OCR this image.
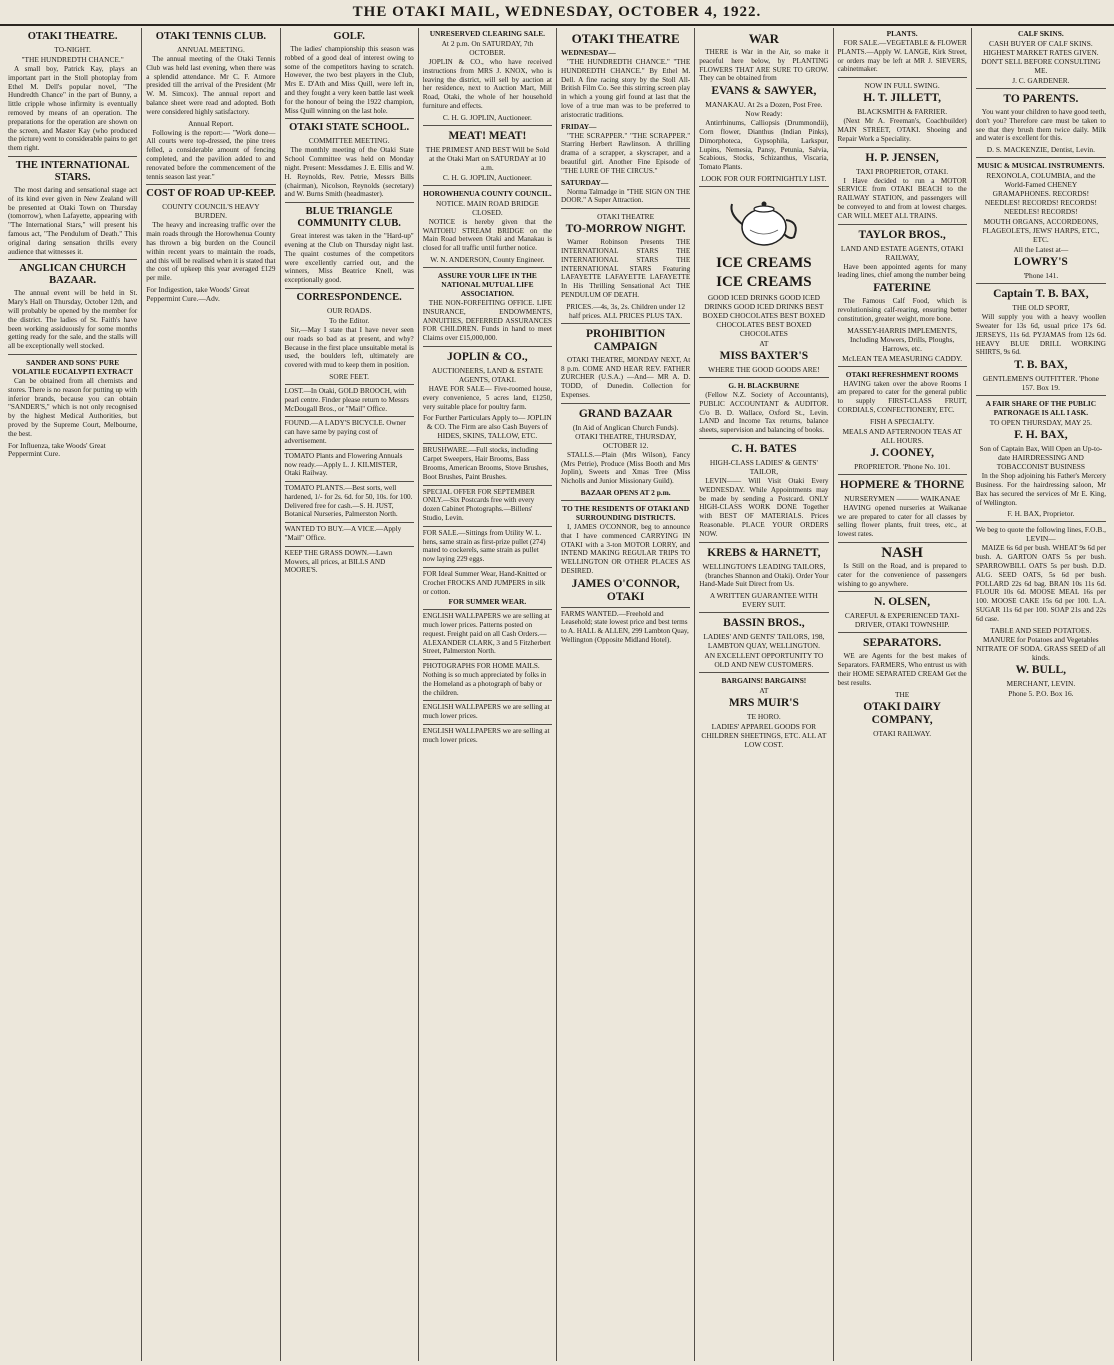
THE OTAKI MAIL, WEDNESDAY, OCTOBER 4, 1922.
OTAKI THEATRE.
TO-NIGHT.
"THE HUNDREDTH CHANCE."

A small boy, Patrick Kay, plays an important part in the Stoll photoplay from Ethel M. Dell's popular novel, "The Hundredth Chance" in the part of Bunny, a little cripple whose infirmity is eventually removed by means of an operation. The preparations for the operation are shown on the screen, and Master Kay (who produced the picture) went to considerable pains to get them right.

THE INTERNATIONAL STARS.

The most daring and sensational stage act of its kind ever given in New Zealand will be presented at Otaki Town on Thursday (tomorrow), when Lafayette, appearing with "The International Stars," will present his famous act, "The Pendulum of Death." This original daring sensation thrills every audience that witnesses it.

ANGLICAN CHURCH BAZAAR.

The annual event will be held in St. Mary's Hall on Thursday, October 12th, and will probably be opened by the member for the district. The ladies of St. Faith's have been working assiduously for some months getting ready for the sale, and the stalls will all be exceptionally well stocked.

SANDER AND SONS' PURE VOLATILE EUCALYPTI EXTRACT

Can be obtained from all chemists and stores. There is no reason for putting up with inferior brands, because you can obtain "SANDER'S," which is not only recognised by the highest Medical Authorities, but proved by the Supreme Court, Melbourne, the best.

For Influenza, take Woods' Great Peppermint Cure.
OTAKI TENNIS CLUB.
ANNUAL MEETING.

The annual meeting of the Otaki Tennis Club was held last evening, when there was a splendid attendance. Mr C. F. Atmore presided till the arrival of the President (Mr W. M. Simcox). The annual report and balance sheet were read and adopted. Both were considered highly satisfactory.

Annual Report.

Following is the report:— "Work done—All courts were top-dressed, the pine trees felled, a considerable amount of fencing completed, and the pavilion added to and renovated before the commencement of the tennis season last year."

COST OF ROAD UP-KEEP.
COUNTY COUNCIL'S HEAVY BURDEN.

The heavy and increasing traffic over the main roads through the Horowhenua County has thrown a big burden on the Council within recent years to maintain the roads, and this will be realised when it is stated that the cost of upkeep this year averaged £129 per mile.

For Indigestion, take Woods' Great Peppermint Cure.—Adv.
GOLF.

The ladies' championship this season was robbed of a good deal of interest owing to some of the competitors having to scratch. However, the two best players in the Club, Mrs E. D'Ath and Miss Quill, were left in, and they fought a very keen battle last week for the honour of being the 1922 champion, Miss Quill winning on the last hole.

OTAKI STATE SCHOOL.
COMMITTEE MEETING.

The monthly meeting of the Otaki State School Committee was held on Monday night. Present: Messdames J. E. Ellis and W. H. Reynolds, Rev. Petrie, Messrs Bills (chairman), Nicolson, Reynolds (secretary) and W. Burns Smith (headmaster).

BLUE TRIANGLE COMMUNITY CLUB.

Great interest was taken in the "Hard-up" evening at the Club on Thursday night last. The quaint costumes of the competitors were excellently carried out, and the winners, Miss Beatrice Knell, was exceptionally good.

CORRESPONDENCE.
OUR ROADS.
To the Editor.

Sir,—May I state that I have never seen our roads so bad as at present, and why? Because in the first place unsuitable metal is used, the boulders left, ultimately are covered with mud to keep them in position.

SORE FEET.
LOST.—In Otaki, GOLD BROOCH, with pearl centre. Finder please return to Messrs McDougall Bros., or "Mail" Office.
FOUND.—A LADY'S BICYCLE. Owner can have same by paying cost of advertisement.
TOMATO Plants and Flowering Annuals now ready.—Apply L. J. KILMISTER, Otaki Railway.
TOMATO PLANTS.—Best sorts, well hardened, 1/- for 2s. 6d. for 50, 10s. for 100. Delivered free for cash.—S. H. JUST, Botanical Nurseries, Palmerston North.
WANTED TO BUY.—A VICE.—Apply "Mail" Office.
KEEP THE GRASS DOWN.—Lawn Mowers, all prices, at BILLS AND MOORE'S.
UNRESERVED CLEARING SALE.
At 2 p.m. On SATURDAY, 7th OCTOBER.

JOPLIN & CO., who have received instructions from MRS J. KNOX, who is leaving the district, will sell by auction at her residence, next to Auction Mart, Mill Road, Otaki, the whole of her household furniture and effects.

C. H. G. JOPLIN, Auctioneer.
MEAT! MEAT!
THE PRIMEST AND BEST Will be Sold at the Otaki Mart on SATURDAY at 10 a.m.
C. H. G. JOPLIN, Auctioneer.
HOROWHENUA COUNTY COUNCIL.
NOTICE. MAIN ROAD BRIDGE CLOSED.

NOTICE is hereby given that the WAITOHU STREAM BRIDGE on the Main Road between Otaki and Manakau is closed for all traffic until further notice.

W. N. ANDERSON, County Engineer.
ASSURE YOUR LIFE IN THE NATIONAL MUTUAL LIFE ASSOCIATION.

THE NON-FORFEITING OFFICE. LIFE INSURANCE, ENDOWMENTS, ANNUITIES, DEFERRED ASSURANCES FOR CHILDREN. Funds in hand to meet Claims over £15,000,000.

JOPLIN & CO.,
AUCTIONEERS, LAND & ESTATE AGENTS, OTAKI.

HAVE FOR SALE— Five-roomed house, every convenience, 5 acres land, £1250, very suitable place for poultry farm.

For Further Particulars Apply to— JOPLIN & CO. The Firm are also Cash Buyers of HIDES, SKINS, TALLOW, ETC.
BRUSHWARE.—Full stocks, including Carpet Sweepers, Hair Brooms, Bass Brooms, American Brooms, Stove Brushes, Boot Brushes, Paint Brushes.
SPECIAL OFFER FOR SEPTEMBER ONLY.—Six Postcards free with every dozen Cabinet Photographs.—Billens' Studio, Levin.
FOR SALE.—Sittings from Utility W. L. hens, same strain as first-prize pullet (274) mated to cockerels, same strain as pullet now laying 229 eggs.
FOR Ideal Summer Wear, Hand-Knitted or Crochet FROCKS AND JUMPERS in silk or cotton.
FOR SUMMER WEAR.
ENGLISH WALLPAPERS we are selling at much lower prices. Patterns posted on request. Freight paid on all Cash Orders.—ALEXANDER CLARK, 3 and 5 Fitzherbert Street, Palmerston North.
PHOTOGRAPHS FOR HOME MAILS. Nothing is so much appreciated by folks in the Homeland as a photograph of baby or the children.
ENGLISH WALLPAPERS we are selling at much lower prices.
ENGLISH WALLPAPERS we are selling at much lower prices.
OTAKI THEATRE
WEDNESDAY—

"THE HUNDREDTH CHANCE." "THE HUNDREDTH CHANCE." By Ethel M. Dell. A fine racing story by the Stoll All-British Film Co. See this stirring screen play in which a young girl found at last that the love of a true man was to be preferred to aristocratic traditions.

FRIDAY—

"THE SCRAPPER." "THE SCRAPPER." Starring Herbert Rawlinson. A thrilling drama of a scrapper, a skyscraper, and a beautiful girl. Another Fine Episode of "THE LURE OF THE CIRCUS."

SATURDAY—

Norma Talmadge in "THE SIGN ON THE DOOR." A Super Attraction.

OTAKI THEATRE
TO-MORROW NIGHT.

Warner Robinson Presents THE INTERNATIONAL STARS THE INTERNATIONAL STARS THE INTERNATIONAL STARS Featuring LAFAYETTE LAFAYETTE LAFAYETTE In His Thrilling Sensational Act THE PENDULUM OF DEATH.

PRICES.—4s, 3s, 2s. Children under 12 half prices. ALL PRICES PLUS TAX.
PROHIBITION CAMPAIGN

OTAKI THEATRE, MONDAY NEXT, At 8 p.m. COME AND HEAR REV. FATHER ZURCHER (U.S.A.) —And— MR A. D. TODD, of Dunedin. Collection for Expenses.

GRAND BAZAAR
(In Aid of Anglican Church Funds). OTAKI THEATRE, THURSDAY, OCTOBER 12.

STALLS.—Plain (Mrs Wilson), Fancy (Mrs Petrie), Produce (Miss Booth and Mrs Joplin), Sweets and Xmas Tree (Miss Nicholls and Junior Missionary Guild).

BAZAAR OPENS AT 2 p.m.
TO THE RESIDENTS OF OTAKI AND SURROUNDING DISTRICTS.

I, JAMES O'CONNOR, beg to announce that I have commenced CARRYING IN OTAKI with a 3-ton MOTOR LORRY, and INTEND MAKING REGULAR TRIPS TO WELLINGTON OR OTHER PLACES AS DESIRED.

JAMES O'CONNOR, OTAKI
FARMS WANTED.—Freehold and Leasehold; state lowest price and best terms to A. HALL & ALLEN, 299 Lambton Quay, Wellington (Opposite Midland Hotel).
WAR

THERE is War in the Air, so make it peaceful here below, by PLANTING FLOWERS THAT ARE SURE TO GROW. They can be obtained from

EVANS & SAWYER,
MANAKAU. At 2s a Dozen, Post Free. Now Ready:

Antirrhinums, Calliopsis (Drummondii), Corn flower, Dianthus (Indian Pinks), Dimorphoteca, Gypsophila, Larkspur, Lupins, Nemesia, Pansy, Petunia, Salvia, Scabious, Stocks, Schizanthus, Viscaria, Tomato Plants.

LOOK FOR OUR FORTNIGHTLY LIST.
ICE CREAMS
ICE CREAMS
GOOD ICED DRINKS GOOD ICED DRINKS GOOD ICED DRINKS BEST BOXED CHOCOLATES BEST BOXED CHOCOLATES BEST BOXED CHOCOLATES
AT
MISS BAXTER'S
WHERE THE GOOD GOODS ARE!
G. H. BLACKBURNE

(Fellow N.Z. Society of Accountants), PUBLIC ACCOUNTANT & AUDITOR. C/o B. D. Wallace, Oxford St., Levin. LAND and Income Tax returns, balance sheets, supervision and balancing of books.

C. H. BATES
HIGH-CLASS LADIES' & GENTS' TAILOR,

LEVIN—— Will Visit Otaki Every WEDNESDAY. While Appointments may be made by sending a Postcard. ONLY HIGH-CLASS WORK DONE Together with BEST OF MATERIALS. Prices Reasonable. PLACE YOUR ORDERS NOW.

KREBS & HARNETT,
WELLINGTON'S LEADING TAILORS,

(branches Shannon and Otaki). Order Your Hand-Made Suit Direct from Us.

A WRITTEN GUARANTEE WITH EVERY SUIT.
BASSIN BROS.,
LADIES' AND GENTS' TAILORS, 198, LAMBTON QUAY, WELLINGTON.
AN EXCELLENT OPPORTUNITY TO OLD AND NEW CUSTOMERS.
BARGAINS! BARGAINS!
AT
MRS MUIR'S
TE HORO.
LADIES' APPAREL GOODS FOR CHILDREN SHEETINGS, ETC. ALL AT LOW COST.
PLANTS.

FOR SALE.—VEGETABLE & FLOWER PLANTS.—Apply W. LANGE, Kirk Street, or orders may be left at MR J. SIEVERS, cabinetmaker.

NOW IN FULL SWING.
H. T. JILLETT,
BLACKSMITH & FARRIER.

(Next Mr A. Freeman's, Coachbuilder) MAIN STREET, OTAKI. Shoeing and Repair Work a Speciality.

H. P. JENSEN,
TAXI PROPRIETOR, OTAKI.

I Have decided to run a MOTOR SERVICE from OTAKI BEACH to the RAILWAY STATION, and passengers will be conveyed to and from at lowest charges. CAR WILL MEET ALL TRAINS.

TAYLOR BROS.,
LAND AND ESTATE AGENTS, OTAKI RAILWAY,

Have been appointed agents for many leading lines, chief among the number being

FATERINE

The Famous Calf Food, which is revolutionising calf-rearing, ensuring better constitution, greater weight, more bone.

MASSEY-HARRIS IMPLEMENTS, Including Mowers, Drills, Ploughs, Harrows, etc.
McLEAN TEA MEASURING CADDY.
OTAKI REFRESHMENT ROOMS

HAVING taken over the above Rooms I am prepared to cater for the general public to supply FIRST-CLASS FRUIT, CORDIALS, CONFECTIONERY, ETC.

FISH A SPECIALTY.
MEALS AND AFTERNOON TEAS AT ALL HOURS.
J. COONEY,
PROPRIETOR. 'Phone No. 101.
HOPMERE & THORNE
NURSERYMEN ——— WAIKANAE

HAVING opened nurseries at Waikanae we are prepared to cater for all classes by selling flower plants, fruit trees, etc., at lowest rates.

NASH

Is Still on the Road, and is prepared to cater for the convenience of passengers wishing to go anywhere.

N. OLSEN,
CAREFUL & EXPERIENCED TAXI-DRIVER, OTAKI TOWNSHIP.
SEPARATORS.

WE are Agents for the best makes of Separators. FARMERS, Who entrust us with their HOME SEPARATED CREAM Get the best results.

THE
OTAKI DAIRY COMPANY,
OTAKI RAILWAY.
CALF SKINS.
CASH BUYER OF CALF SKINS. HIGHEST MARKET RATES GIVEN. DON'T SELL BEFORE CONSULTING ME.
J. C. GARDENER.
TO PARENTS.

You want your children to have good teeth, don't you? Therefore care must be taken to see that they brush them twice daily. Milk and water is excellent for this.

D. S. MACKENZIE, Dentist, Levin.
MUSIC & MUSICAL INSTRUMENTS.
REXONOLA, COLUMBIA, and the World-Famed CHENEY GRAMAPHONES. RECORDS! NEEDLES! RECORDS! RECORDS! NEEDLES! RECORDS!
MOUTH ORGANS, ACCORDEONS, FLAGEOLETS, JEWS' HARPS, ETC., ETC.
All the Latest at—
LOWRY'S
'Phone 141.
Captain T. B. BAX,
THE OLD SPORT,

Will supply you with a heavy woollen Sweater for 13s 6d, usual price 17s 6d. JERSEYS, 11s 6d. PYJAMAS from 12s 6d. HEAVY BLUE DRILL WORKING SHIRTS, 9s 6d.

T. B. BAX,
GENTLEMEN'S OUTFITTER. 'Phone 157. Box 19.
A FAIR SHARE OF THE PUBLIC PATRONAGE IS ALL I ASK.
TO OPEN THURSDAY, MAY 25.
F. H. BAX,
Son of Captain Bax, Will Open an Up-to-date HAIRDRESSING AND TOBACCONIST BUSINESS

In the Shop adjoining his Father's Mercery Business. For the hairdressing saloon, Mr Bax has secured the services of Mr E. King, of Wellington.

F. H. BAX, Proprietor.
We beg to quote the following lines, F.O.B., LEVIN—

MAIZE 6s 6d per bush. WHEAT 9s 6d per bush. A. GARTON OATS 5s per bush. SPARROWBILL OATS 5s per bush. D.D. ALG. SEED OATS, 5s 6d per bush. POLLARD 22s 6d bag. BRAN 10s 11s 6d. FLOUR 10s 6d. MOOSE MEAL 16s per 100. MOOSE CAKE 15s 6d per 100. L.A. SUGAR 11s 6d per 100. SOAP 21s and 22s 6d case.

TABLE AND SEED POTATOES. MANURE for Potatoes and Vegetables NITRATE OF SODA. GRASS SEED of all kinds.
W. BULL,
MERCHANT, LEVIN.
Phone 5. P.O. Box 16.
